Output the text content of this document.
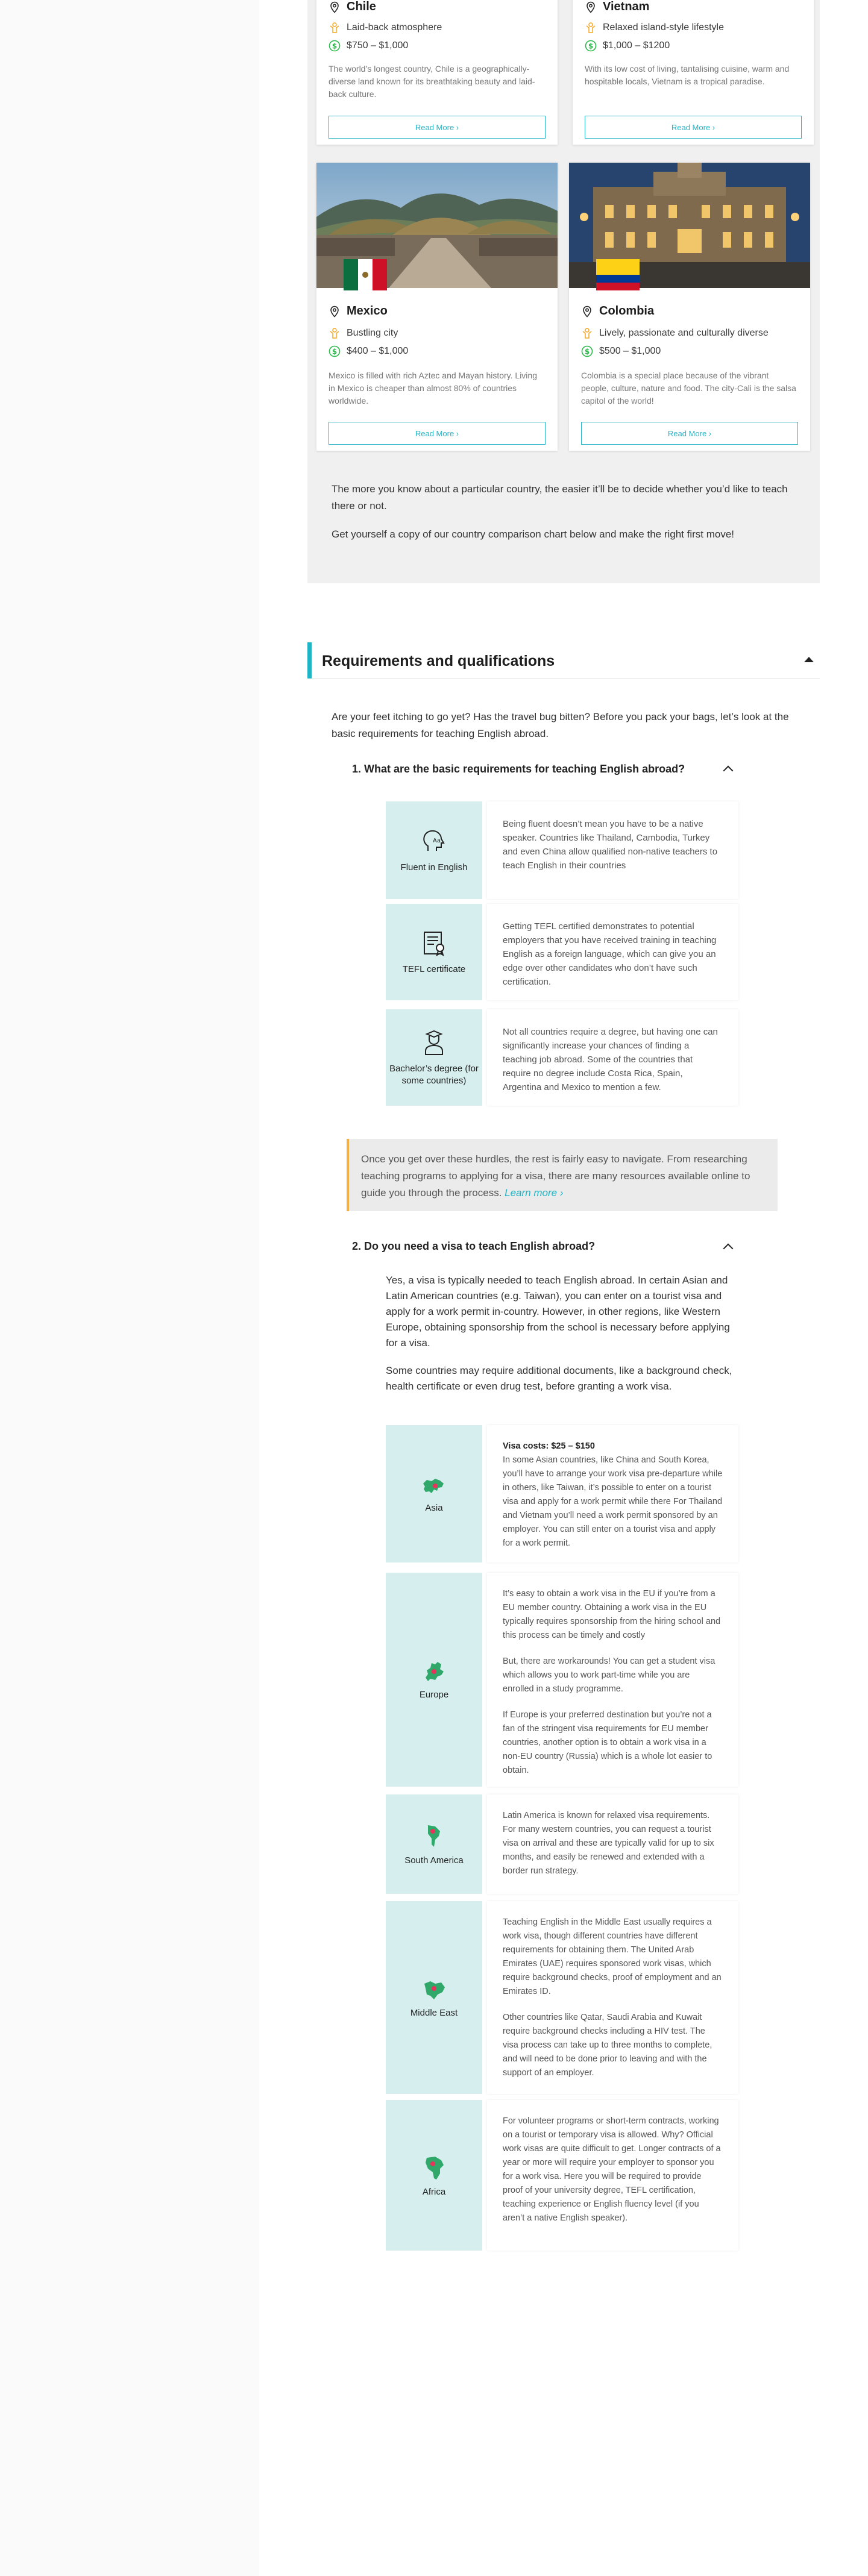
Chile
Laid-back atmosphere
$ $750 – $1,000
The world’s longest country, Chile is a geographically-diverse land known for its breathtaking beauty and laid-back culture.
Read More ›
Vietnam
Relaxed island-style lifestyle
$ $1,000 – $1200
With its low cost of living, tantalising cuisine, warm and hospitable locals, Vietnam is a tropical paradise.
Read More ›
Mexico
Bustling city
$ $400 – $1,000
Mexico is filled with rich Aztec and Mayan history. Living in Mexico is cheaper than almost 80% of countries worldwide.
Read More ›
Colombia
Lively, passionate and culturally diverse
$ $500 – $1,000
Colombia is a special place because of the vibrant people, culture, nature and food. The city-Cali is the salsa capitol of the world!
Read More ›
The more you know about a particular country, the easier it’ll be to decide whether you’d like to teach there or not.
Get yourself a copy of our country comparison chart below and make the right first move!
Requirements and qualifications
Are your feet itching to go yet? Has the travel bug bitten? Before you pack your bags, let’s look at the basic requirements for teaching English abroad.
1. What are the basic requirements for teaching English abroad?
Aa
Fluent in English
Being fluent doesn’t mean you have to be a native speaker. Countries like Thailand, Cambodia, Turkey and even China allow qualified non-native teachers to teach English in their countries
TEFL certificate
Getting TEFL certified demonstrates to potential employers that you have received training in teaching English as a foreign language, which can give you an edge over other candidates who don’t have such certification.
Bachelor’s degree (for some countries)
Not all countries require a degree, but having one can significantly increase your chances of finding a teaching job abroad. Some of the countries that require no degree include Costa Rica, Spain, Argentina and Mexico to mention a few.
Once you get over these hurdles, the rest is fairly easy to navigate. From researching teaching programs to applying for a visa, there are many resources available online to guide you through the process. Learn more ›
2. Do you need a visa to teach English abroad?
Yes, a visa is typically needed to teach English abroad. In certain Asian and Latin American countries (e.g. Taiwan), you can enter on a tourist visa and apply for a work permit in-country. However, in other regions, like Western Europe, obtaining sponsorship from the school is necessary before applying for a visa.
Some countries may require additional documents, like a background check, health certificate or even drug test, before granting a work visa.
Asia
Visa costs: $25 – $150
In some Asian countries, like China and South Korea, you’ll have to arrange your work visa pre-departure while in others, like Taiwan, it’s possible to enter on a tourist visa and apply for a work permit while there For Thailand and Vietnam you’ll need a work permit sponsored by an employer. You can still enter on a tourist visa and apply for a work permit.
Europe

It’s easy to obtain a work visa in the EU if you’re from a EU member country. Obtaining a work visa in the EU typically requires sponsorship from the hiring school and this process can be timely and costly

But, there are workarounds! You can get a student visa which allows you to work part-time while you are enrolled in a study programme.

If Europe is your preferred destination but you’re not a fan of the stringent visa requirements for EU member countries, another option is to obtain a work visa in a non-EU country (Russia) which is a whole lot easier to obtain.

South America

Latin America is known for relaxed visa requirements. For many western countries, you can request a tourist visa on arrival and these are typically valid for up to six months, and easily be renewed and extended with a border run strategy.

Middle East

Teaching English in the Middle East usually requires a work visa, though different countries have different requirements for obtaining them. The United Arab Emirates (UAE) requires sponsored work visas, which require background checks, proof of employment and an Emirates ID.

Other countries like Qatar, Saudi Arabia and Kuwait require background checks including a HIV test. The visa process can take up to three months to complete, and will need to be done prior to leaving and with the support of an employer.

Africa

For volunteer programs or short-term contracts, working on a tourist or temporary visa is allowed. Why? Official work visas are quite difficult to get. Longer contracts of a year or more will require your employer to sponsor you for a work visa. Here you will be required to provide proof of your university degree, TEFL certification, teaching experience or English fluency level (if you aren’t a native English speaker).
